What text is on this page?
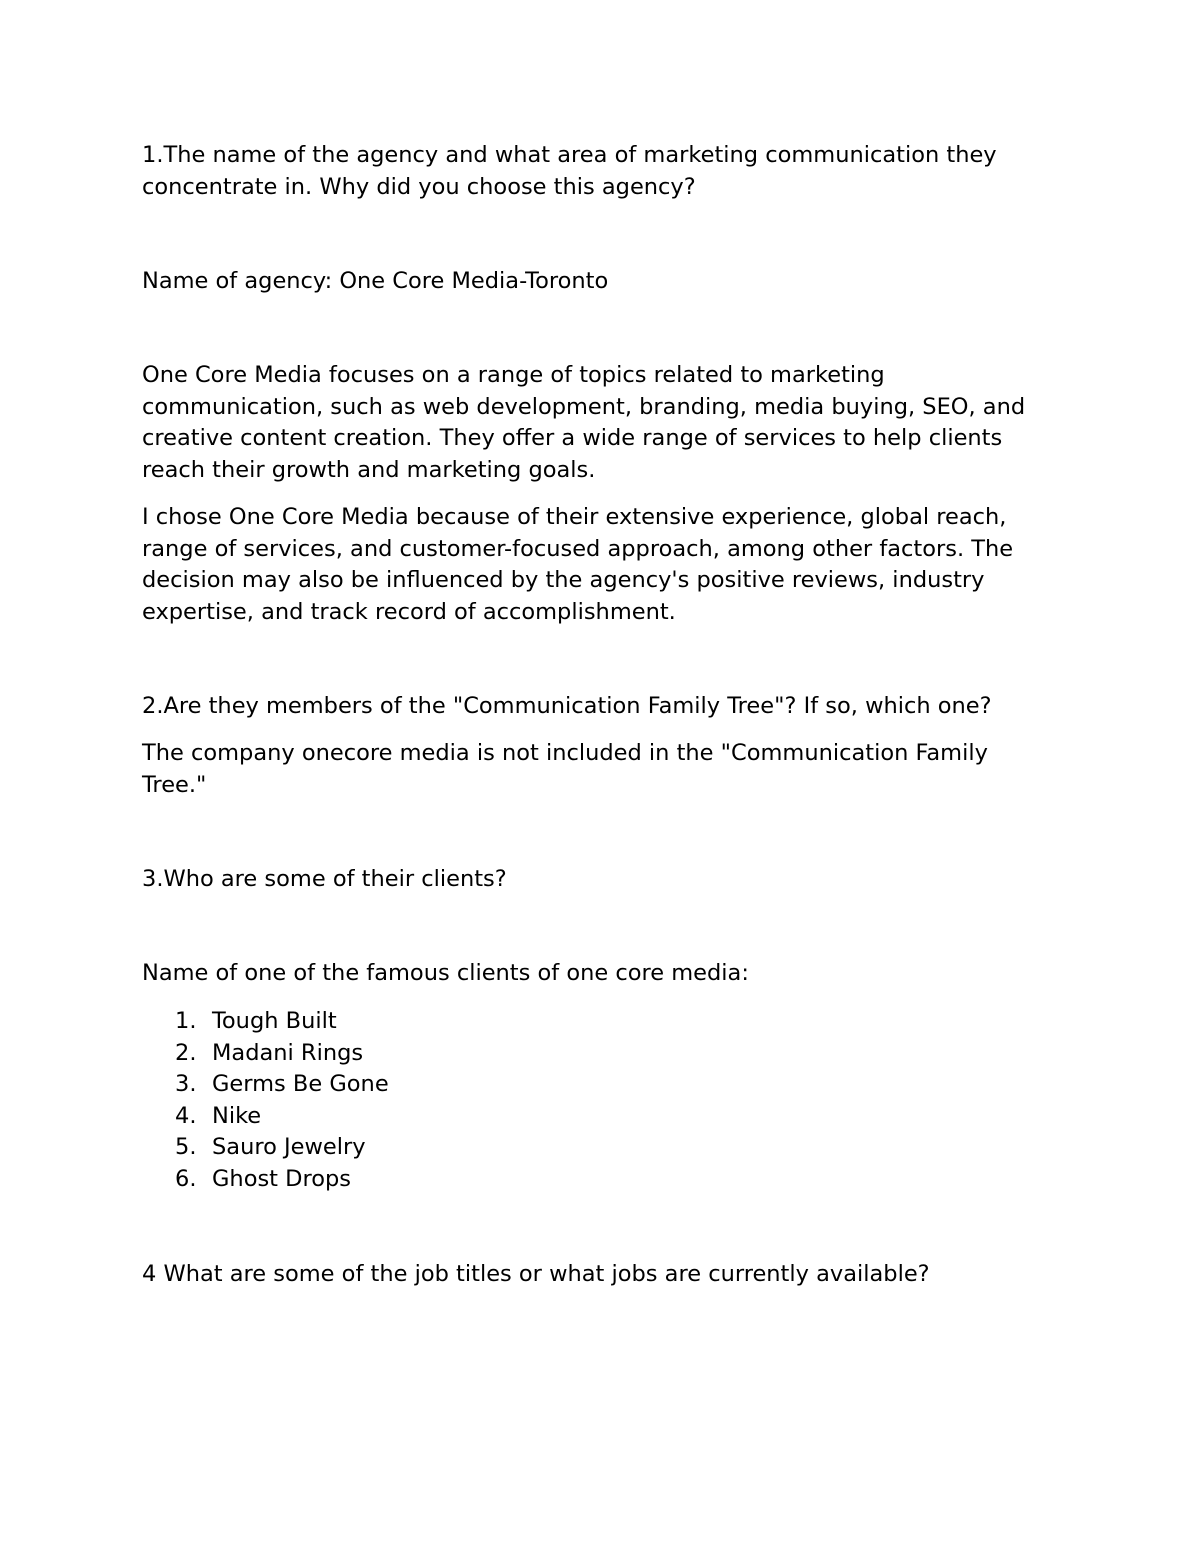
1.The name of the agency and what area of marketing communication they concentrate in. Why did you choose this agency?

Name of agency: One Core Media-Toronto

One Core Media focuses on a range of topics related to marketing communication, such as web development, branding, media buying, SEO, and creative content creation. They offer a wide range of services to help clients reach their growth and marketing goals.

I chose One Core Media because of their extensive experience, global reach, range of services, and customer-focused approach, among other factors. The decision may also be influenced by the agency's positive reviews, industry expertise, and track record of accomplishment.

2.Are they members of the "Communication Family Tree"? If so, which one?

The company onecore media is not included in the "Communication Family Tree."

3.Who are some of their clients?

Name of one of the famous clients of one core media:

1. Tough Built
2. Madani Rings
3. Germs Be Gone
4. Nike
5. Sauro Jewelry
6. Ghost Drops

4 What are some of the job titles or what jobs are currently available?
